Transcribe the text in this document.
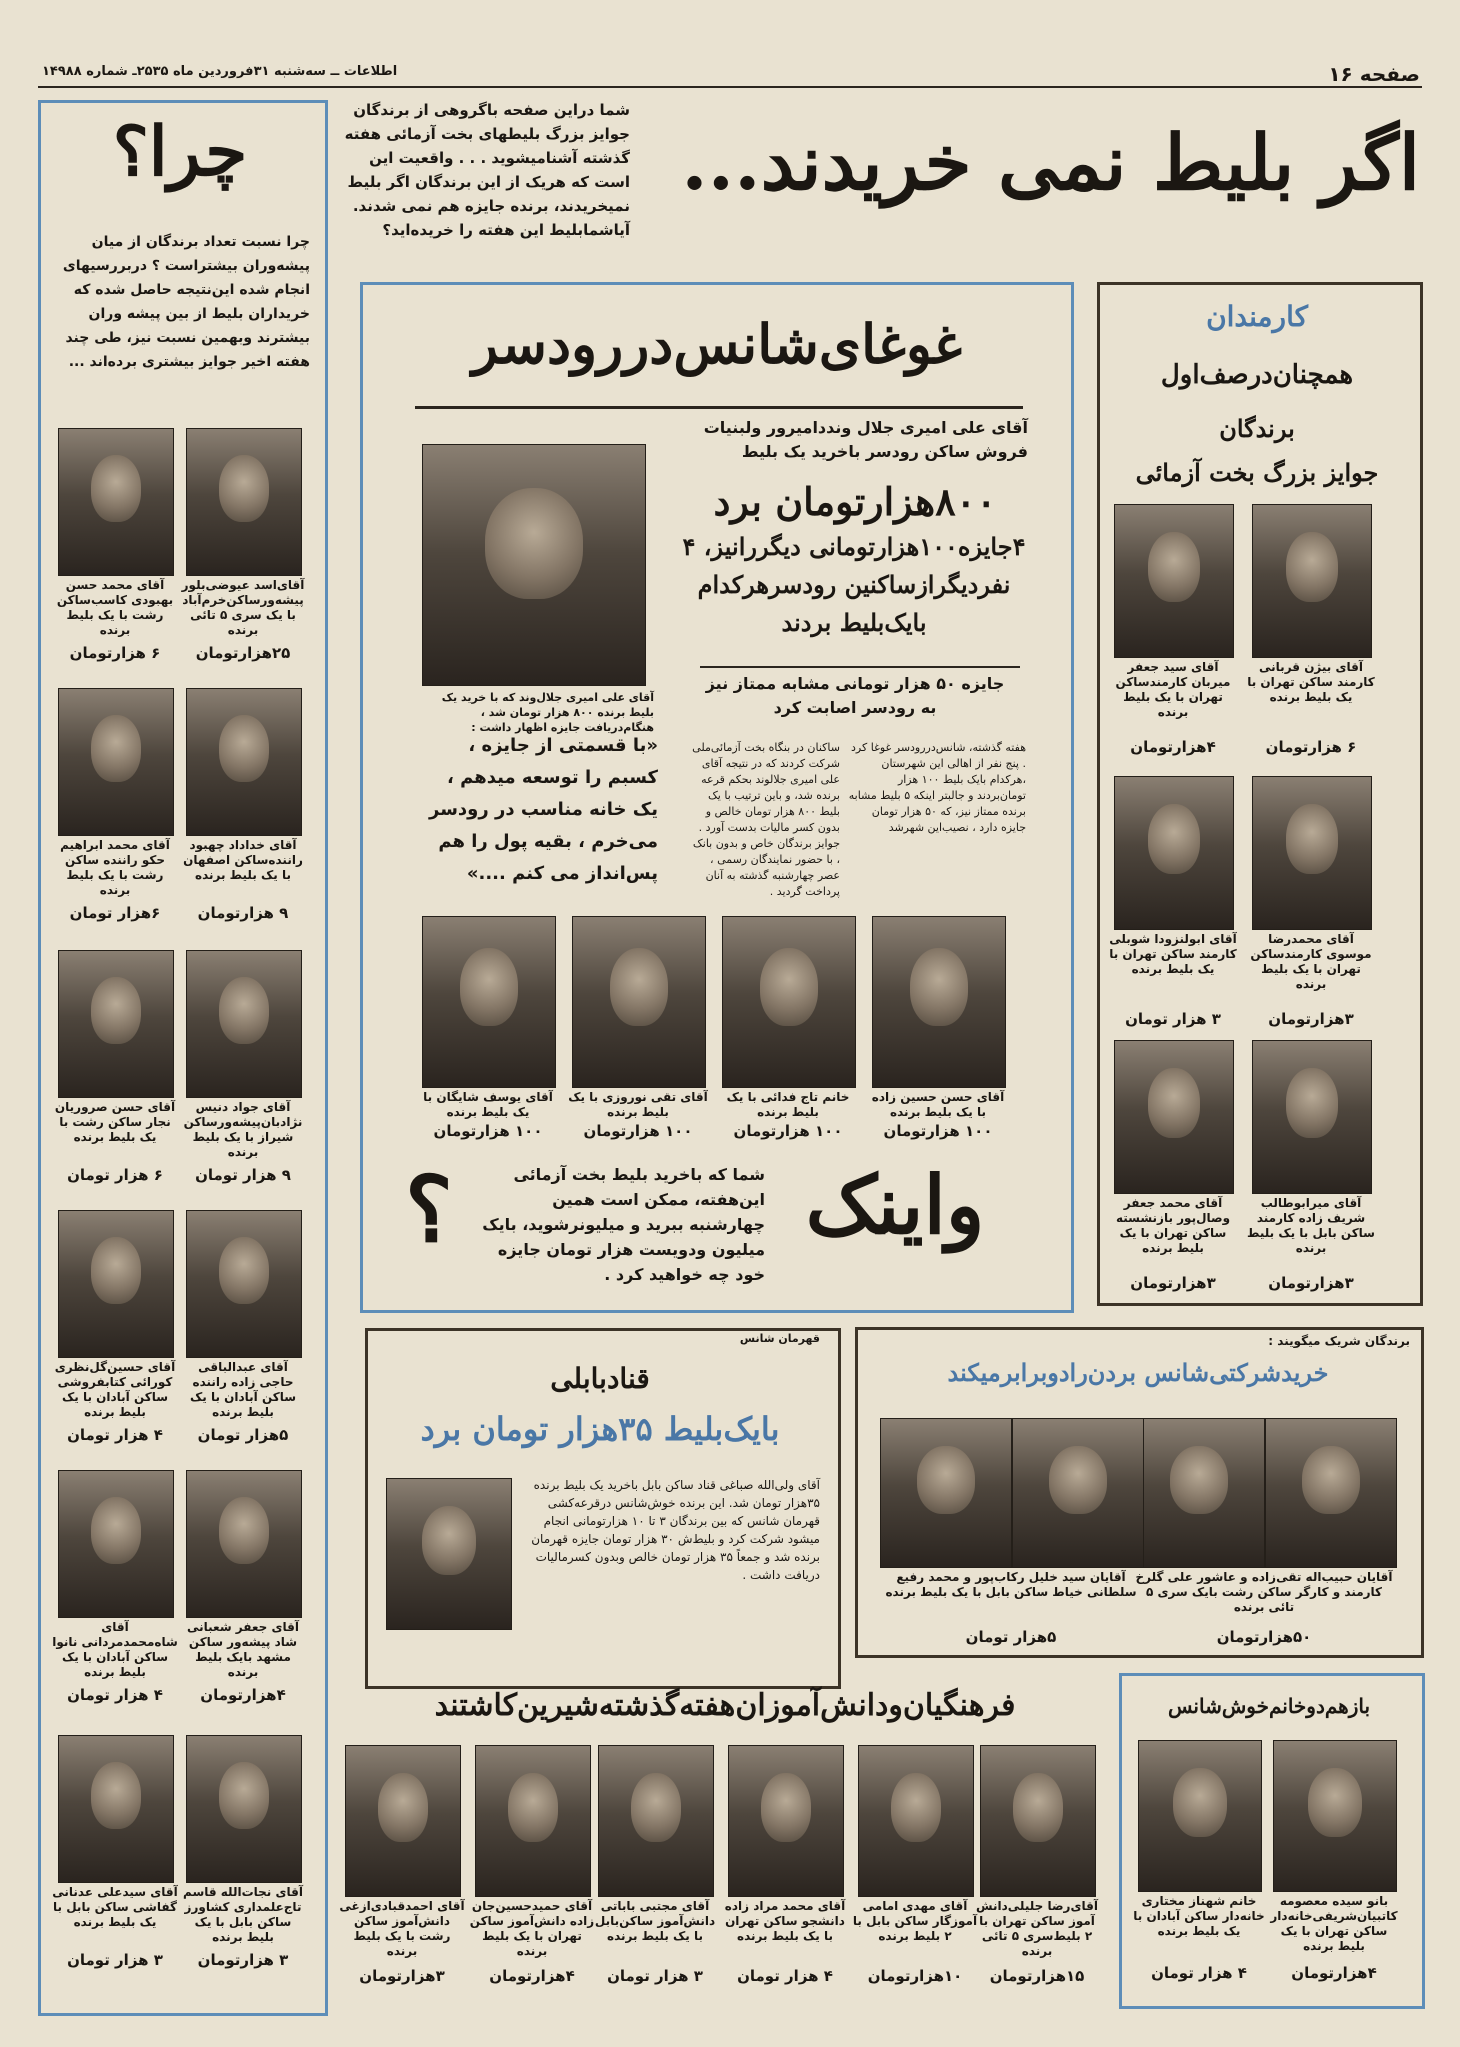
صفحه ۱۶
اطلاعات ــ سه‌شنبه ۳۱فروردین ماه ۲۵۳۵ـ شماره ۱۴۹۸۸
اگر بلیط نمی خریدند...
شما دراین صفحه باگروهی از برندگان جوایز بزرگ بلیطهای بخت آزمائی هفته گذشته آشنامیشوید . . . واقعیت این است که هریک از این برندگان اگر بلیط نمیخریدند، برنده جایزه هم نمی شدند. آیاشمابلیط این هفته را خریده‌اید؟
چرا؟
چرا نسبت تعداد برندگان از میان پیشه‌وران بیشتراست ؟ دربررسیهای انجام شده این‌نتیجه حاصل شده که خریداران بلیط از بین پیشه وران بیشترند وبهمین نسبت نیز، طی چند هفته اخیر جوایز بیشتری برده‌اند ...
آقای‌اسد عیوضی‌بلور پیشه‌ورساکن‌خرم‌آباد با یک سری ۵ تائی برنده
۲۵هزارتومان
آقای محمد حسن بهبودی کاسب‌ساکن رشت با یک بلیط برنده
۶ هزارتومان
آقای خداداد چهبود راننده‌ساکن اصفهان با یک بلیط برنده
۹ هزارتومان
آقای محمد ابراهیم حکو راننده ساکن رشت با یک بلیط برنده
۶هزار تومان
آقای جواد دنیس نژادبان‌پیشه‌ورساکن شیراز با یک بلیط برنده
۹ هزار تومان
آقای حسن صروریان نجار ساکن رشت با یک بلیط برنده
۶ هزار تومان
آقای عبدالباقی حاجی زاده راننده ساکن آبادان با یک بلیط برنده
۵هزار تومان
آقای حسین‌گل‌نظری کورائی کتابفروشی ساکن آبادان با یک بلیط برنده
۴ هزار تومان
آقای جعفر شعبانی شاد پیشه‌ور ساکن مشهد بایک بلیط برنده
۴هزارتومان
آقای شاه‌محمدمردانی نانوا ساکن آبادان با یک بلیط برنده
۴ هزار تومان
آقای نجات‌الله قاسم تاج‌علمداری کشاورز ساکن بابل با یک بلیط برنده
۳ هزارتومان
آقای سیدعلی عدنانی گفاشی ساکن بابل با یک بلیط برنده
۳ هزار تومان
غوغای‌شانس‌دررودسر
آقای علی امیری جلال‌وند که با خرید یک بلیط برنده ۸۰۰ هزار تومان شد ، هنگام‌دریافت جایزه اظهار داشت :
«با قسمتی از جایزه ، کسبم را توسعه میدهم ، یک خانه مناسب در رودسر می‌خرم ، بقیه پول را هم پس‌انداز می کنم ....»
آقای علی امیری جلال وندداميرور ولبنيات فروش ساکن رودسر باخرید یک بلیط
۸۰۰هزارتومان برد
۴جایزه۱۰۰هزارتومانی دیگررانیز، ۴ نفردیگرازساکنین رودسرهرکدام بایک‌بلیط بردند
جایزه ۵۰ هزار تومانی مشابه ممتاز نیز به رودسر اصابت کرد
هفته گذشته، شانس‌دررودسر غوغا کرد . پنج نفر از اهالی این شهرستان ،هرکدام بایک بلیط ۱۰۰ هزار تومان‌بردند و جالبتر اینکه ۵ بلیط مشابه برنده ممتاز نیز، که ۵۰ هزار تومان جایزه دارد ، نصیب‌این شهرشد
ساکنان در بنگاه بخت آزمائی‌ملی شرکت کردند که در نتیجه آقای علی امیری جلالوند بحکم قرعه برنده شد، و باین ترتیب با یک بلیط ۸۰۰ هزار تومان خالص و بدون کسر مالیات بدست آورد . جوایز برندگان خاص و بدون بانک ، با حضور نمایندگان رسمی ، عصر چهارشنبه گذشته به آنان پرداخت گردید .
آقای حسن حسین زاده با یک بلیط برنده
۱۰۰ هزارتومان
خانم تاج فدائی با یک بلیط برنده
۱۰۰ هزارتومان
آقای تقی نوروزی با یک بلیط برنده
۱۰۰ هزارتومان
آقای یوسف شایگان با یک بلیط برنده
۱۰۰ هزارتومان
واینک
شما که باخرید بلیط بخت آزمائی این‌هفته، ممکن است همین چهارشنبه ببرید و میلیونرشوید، بایک میلیون ودویست هزار تومان جایزه خود چه خواهید کرد .
؟
کارمندان
همچنان‌درصف‌اول
برندگان
جوایز بزرگ بخت آزمائی
آقای بیژن قربانی کارمند ساکن تهران با یک بلیط برنده
۶ هزارتومان
آقای سید جعفر میربان کارمندساکن تهران با یک بلیط برنده
۴هزارتومان
آقای محمدرضا موسوی کارمندساکن تهران با یک بلیط برنده
۳هزارتومان
آقای ابولنزودا شوبلی کارمند ساکن تهران با یک بلیط برنده
۳ هزار تومان
آقای میرابوطالب شریف زاده کارمند ساکن بابل با یک بلیط برنده
۳هزارتومان
آقای محمد جعفر وصال‌پور بازنشسته ساکن تهران با یک بلیط برنده
۳هزارتومان
قهرمان شانس
قنادبابلی
بایک‌بلیط ۳۵هزار تومان برد
آقای ولی‌الله صباغی قناد ساکن بابل باخرید یک بلیط برنده ۳۵هزار تومان شد. این برنده خوش‌شانس درقرعه‌کشی قهرمان شانس که بین برندگان ۳ تا ۱۰ هزارتومانی انجام میشود شرکت کرد و بلیط‌ش ۳۰ هزار تومان جایزه قهرمان برنده شد و جمعاً ۳۵ هزار تومان خالص وبدون کسرمالیات دریافت داشت .
برندگان شریک میگویند :
خریدشرکتی‌شانس بردن‌رادوبرابرمیکند
آقایان حبیب‌اله تقی‌زاده و عاشور علی گلرخ کارمند و کارگر ساکن رشت بایک سری ۵ تائی برنده
۵۰هزارتومان
آقایان سید خلیل رکاب‌پور و محمد رفیع سلطانی خیاط ساکن بابل با یک بلیط برنده
۵هزار تومان
فرهنگیان‌ودانش‌آموزان‌هفته‌گذشته‌شیرین‌کاشتند
آقای‌رضا جلیلی‌دانش آموز ساکن تهران با ۲ بلیط‌سری ۵ تائی برنده
۱۵هزارتومان
آقای مهدی امامی آموزگار ساکن بابل با ۲ بلیط برنده
۱۰هزارتومان
آقای محمد مراد زاده دانشجو ساکن تهران با یک بلیط برنده
۴ هزار تومان
آقای مجتبی باباتی دانش‌آموز ساکن‌بابل با یک بلیط برنده
۳ هزار تومان
آقای حمیدحسین‌جان زاده دانش‌آموز ساکن تهران با یک بلیط برنده
۴هزارتومان
آقای احمدقبادی‌ازغی دانش‌آموز ساکن رشت با یک بلیط برنده
۳هزارتومان
بازهم‌دوخانم‌خوش‌شانس
بانو سیده معصومه کاتبیان‌شریفی‌خانه‌دار ساکن تهران با یک بلیط برنده
۴هزارتومان
خانم شهناز مختاری خانه‌دار ساکن آبادان با یک بلیط برنده
۴ هزار تومان
